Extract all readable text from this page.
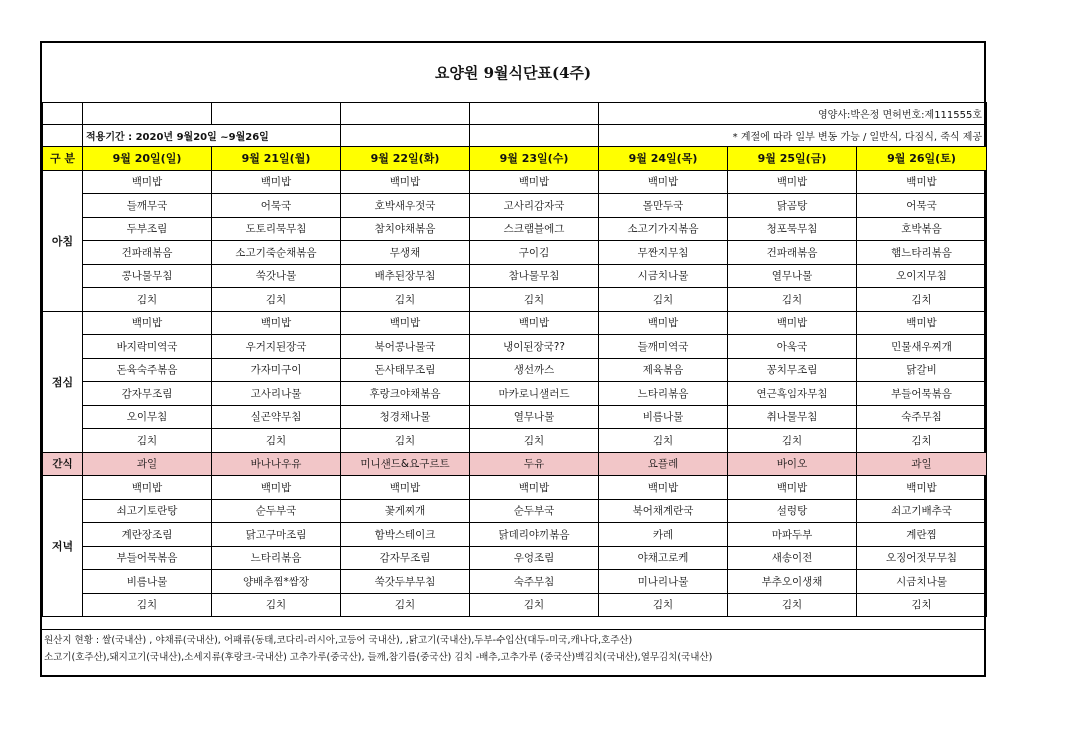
요양원 9월식단표(4주)
					영양사:박은정 면허번호:제111555호		
	적용기간 : 2020년 9월20일 ~9월26일				* 계절에 따라 일부 변동 가능 / 일반식, 다짐식, 죽식 제공		
구 분	9월 20일(일)	9월 21일(월)	9월 22일(화)	9월 23일(수)	9월 24일(목)	9월 25일(금)	9월 26일(토)
아침	백미밥	백미밥	백미밥	백미밥	백미밥	백미밥	백미밥
	들깨무국	어묵국	호박새우젓국	고사리감자국	몰만두국	닭곰탕	어묵국
	두부조림	도토리묵무침	참치야채볶음	스크램블에그	소고기가지볶음	청포묵무침	호박볶음
	건파래볶음	소고기죽순채볶음	무생채	구이김	무짠지무침	건파래볶음	햄느타리볶음
	콩나물무침	쑥갓나물	배추된장무침	참나물무침	시금치나물	열무나물	오이지무침
	김치	김치	김치	김치	김치	김치	김치
점심	백미밥	백미밥	백미밥	백미밥	백미밥	백미밥	백미밥
	바지락미역국	우거지된장국	북어콩나물국	냉이된장국??	들깨미역국	아욱국	민물새우찌개
	돈육숙주볶음	가자미구이	돈사태무조림	생선까스	제육볶음	꽁치무조림	닭갈비
	감자무조림	고사리나물	후랑크야채볶음	마카로니샐러드	느타리볶음	연근흑임자무침	부들어묵볶음
	오이무침	실곤약무침	청경채나물	열무나물	비름나물	취나물무침	숙주무침
	김치	김치	김치	김치	김치	김치	김치
간식	과일	바나나우유	미니샌드&요구르트	두유	요플레	바이오	과일
저녁	백미밥	백미밥	백미밥	백미밥	백미밥	백미밥	백미밥
	쇠고기토란탕	순두부국	꽃게찌개	순두부국	북어채계란국	설렁탕	쇠고기배추국
	계란장조림	닭고구마조림	함박스테이크	닭데리야끼볶음	카레	마파두부	계란찜
	부들어묵볶음	느타리볶음	감자무조림	우엉조림	야채고로케	새송이전	오징어젓무무침
	비름나물	양배추찜*쌈장	쑥갓두부무침	숙주무침	미나리나물	부추오이생채	시금치나물
	김치	김치	김치	김치	김치	김치	김치
원산지 현황 : 쌀(국내산) , 야채류(국내산), 어패류(동태,코다리-러시아,고등어 국내산), ,닭고기(국내산),두부-수입산(대두-미국,캐나다,호주산)
소고기(호주산),돼지고기(국내산),소세지류(후랑크-국내산) 고추가루(중국산), 들깨,참기름(중국산) 김치 -배추,고추가루 (중국산)백김치(국내산),열무김치(국내산)
